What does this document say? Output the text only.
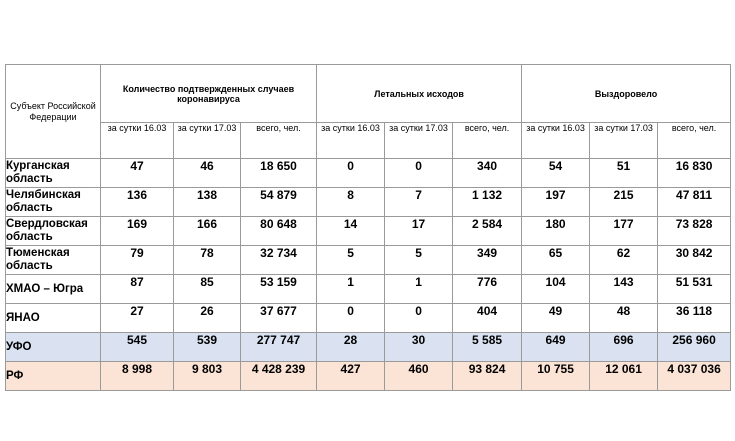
Субъект Российской Федерации	Количество подтвержденных случаев коронавируса			Летальных исходов			Выздоровело		
	за сутки 16.03	за сутки 17.03	всего, чел.	за сутки 16.03	за сутки 17.03	всего, чел.	за сутки 16.03	за сутки 17.03	всего, чел.
Курганская область	47	46	18 650	0	0	340	54	51	16 830
Челябинская область	136	138	54 879	8	7	1 132	197	215	47 811
Свердловская область	169	166	80 648	14	17	2 584	180	177	73 828
Тюменская область	79	78	32 734	5	5	349	65	62	30 842
ХМАО – Югра	87	85	53 159	1	1	776	104	143	51 531
ЯНАО	27	26	37 677	0	0	404	49	48	36 118
УФО	545	539	277 747	28	30	5 585	649	696	256 960
РФ	8 998	9 803	4 428 239	427	460	93 824	10 755	12 061	4 037 036
